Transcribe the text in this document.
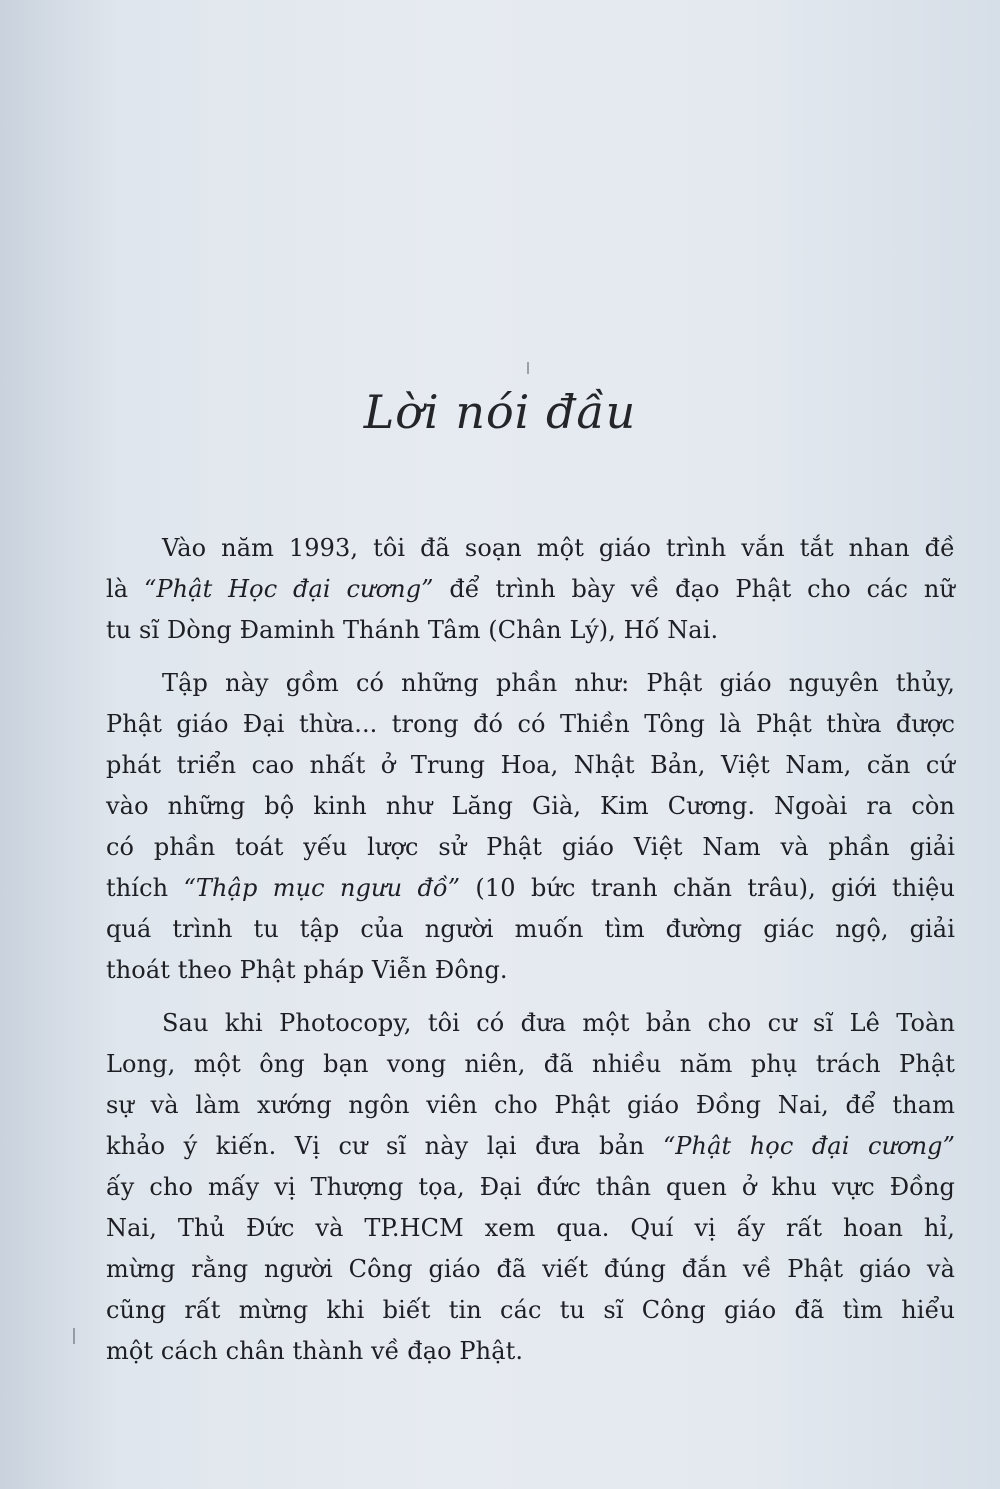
Lời nói đầu
Vào năm 1993, tôi đã soạn một giáo trình vắn tắt nhan đề
là “Phật Học đại cương” để trình bày về đạo Phật cho các nữ
tu sĩ Dòng Đaminh Thánh Tâm (Chân Lý), Hố Nai.
Tập này gồm có những phần như: Phật giáo nguyên thủy,
Phật giáo Đại thừa... trong đó có Thiền Tông là Phật thừa được
phát triển cao nhất ở Trung Hoa, Nhật Bản, Việt Nam, căn cứ
vào những bộ kinh như Lăng Già, Kim Cương. Ngoài ra còn
có phần toát yếu lược sử Phật giáo Việt Nam và phần giải
thích “Thập mục ngưu đồ” (10 bức tranh chăn trâu), giới thiệu
quá trình tu tập của người muốn tìm đường giác ngộ, giải
thoát theo Phật pháp Viễn Đông.
Sau khi Photocopy, tôi có đưa một bản cho cư sĩ Lê Toàn
Long, một ông bạn vong niên, đã nhiều năm phụ trách Phật
sự và làm xướng ngôn viên cho Phật giáo Đồng Nai, để tham
khảo ý kiến. Vị cư sĩ này lại đưa bản “Phật học đại cương”
ấy cho mấy vị Thượng tọa, Đại đức thân quen ở khu vực Đồng
Nai, Thủ Đức và TP.HCM xem qua. Quí vị ấy rất hoan hỉ,
mừng rằng người Công giáo đã viết đúng đắn về Phật giáo và
cũng rất mừng khi biết tin các tu sĩ Công giáo đã tìm hiểu
một cách chân thành về đạo Phật.
